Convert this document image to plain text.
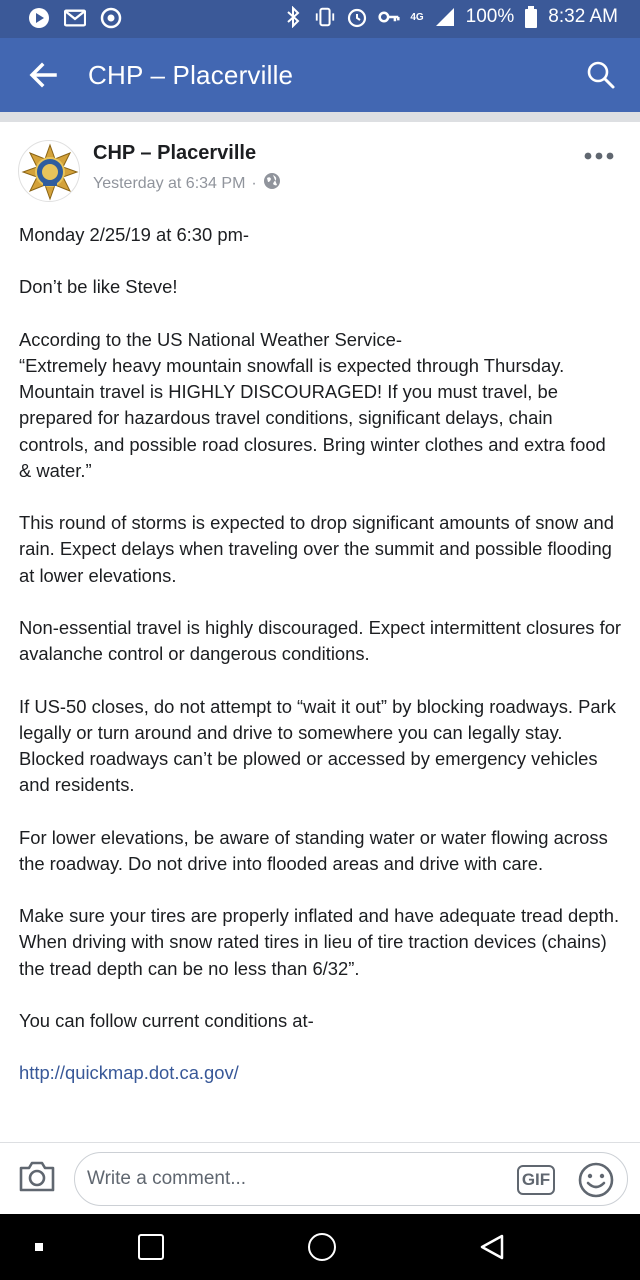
4G 100% 8:32 AM
CHP – Placerville
CHP – Placerville
Yesterday at 6:34 PM ·

Monday 2/25/19 at 6:30 pm-

Don’t be like Steve!

According to the US National Weather Service-
“Extremely heavy mountain snowfall is expected through Thursday. Mountain travel is HIGHLY DISCOURAGED! If you must travel, be prepared for hazardous travel conditions, significant delays, chain controls, and possible road closures. Bring winter clothes and extra food & water.”

This round of storms is expected to drop significant amounts of snow and rain. Expect delays when traveling over the summit and possible flooding at lower elevations.

Non-essential travel is highly discouraged. Expect intermittent closures for avalanche control or dangerous conditions.

If US-50 closes, do not attempt to “wait it out” by blocking roadways. Park legally or turn around and drive to somewhere you can legally stay. Blocked roadways can’t be plowed or accessed by emergency vehicles and residents.

For lower elevations, be aware of standing water or water flowing across the roadway. Do not drive into flooded areas and drive with care.

Make sure your tires are properly inflated and have adequate tread depth.
When driving with snow rated tires in lieu of tire traction devices (chains) the tread depth can be no less than 6/32”.

You can follow current conditions at-

http://quickmap.dot.ca.gov/

Write a comment...
GIF
